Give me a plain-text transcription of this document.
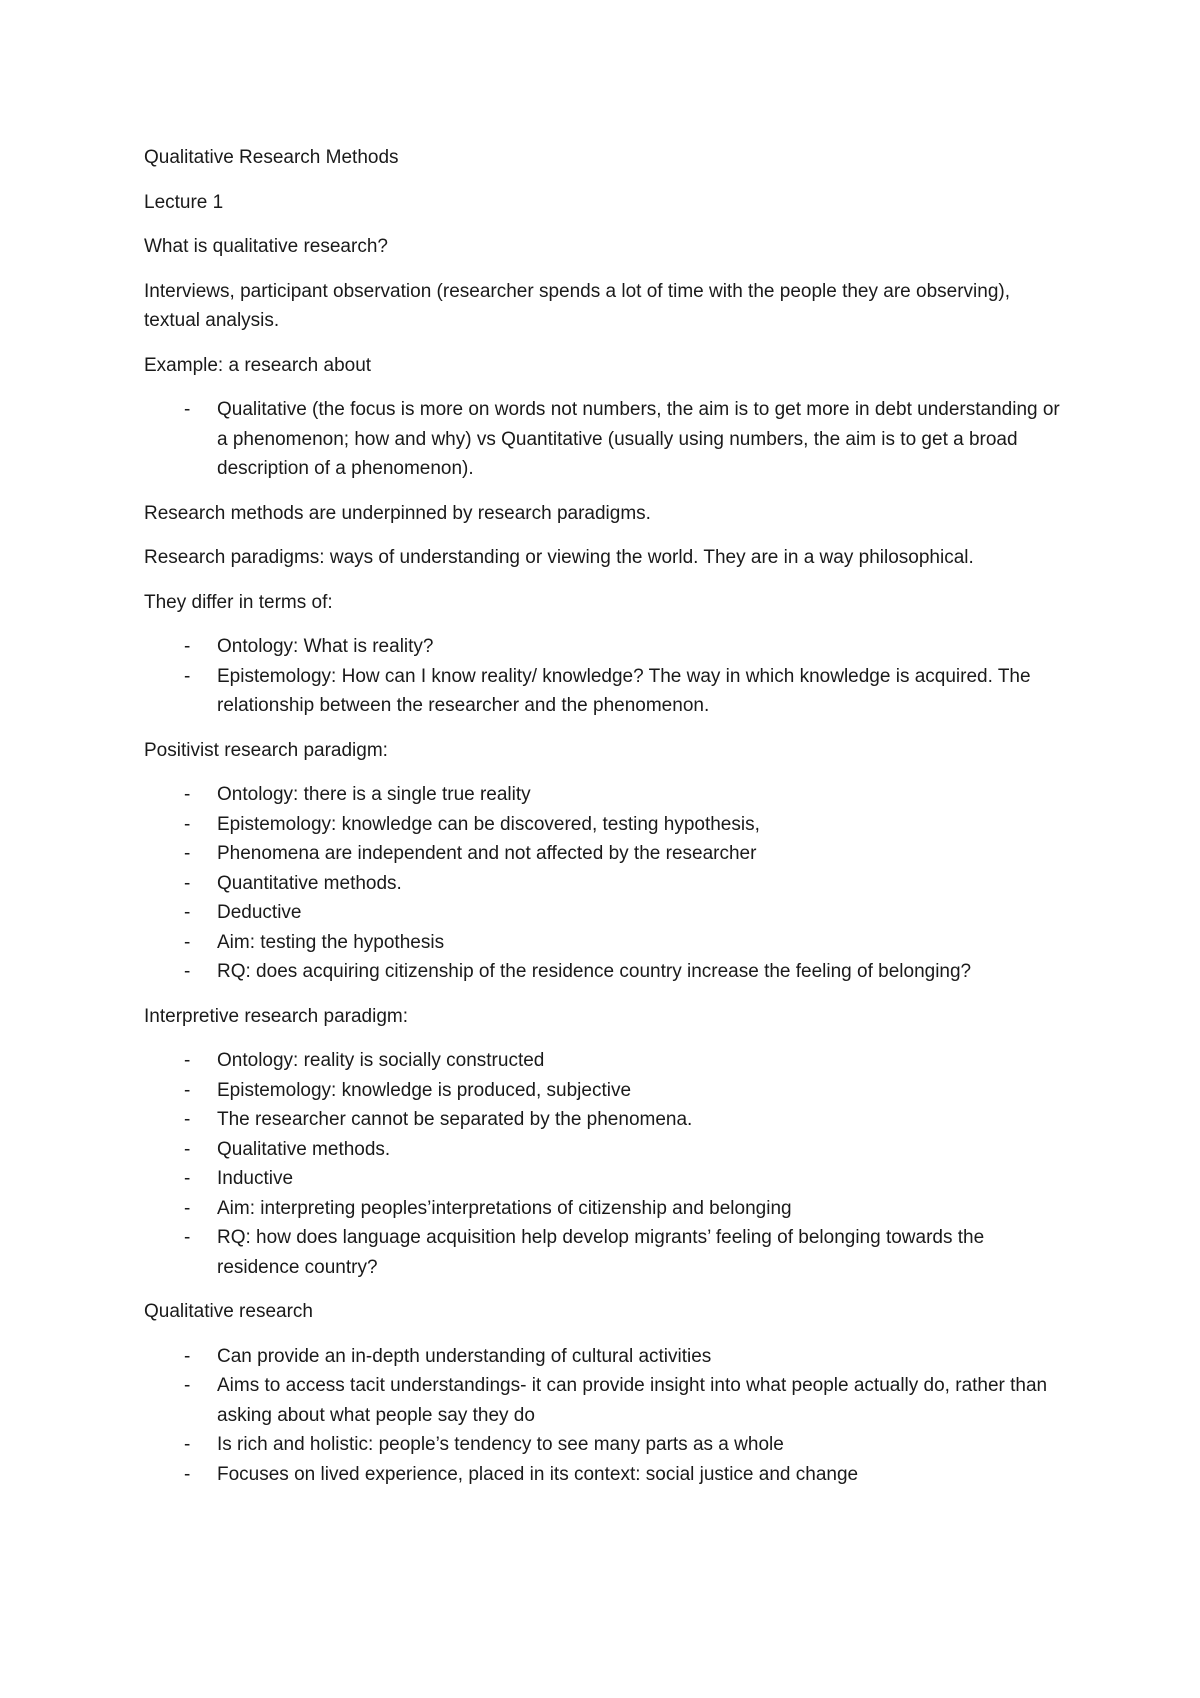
Qualitative Research Methods

Lecture 1

What is qualitative research?

Interviews, participant observation (researcher spends a lot of time with the people they are observing), textual analysis.

Example: a research about

- Qualitative (the focus is more on words not numbers, the aim is to get more in debt understanding or a phenomenon; how and why) vs Quantitative (usually using numbers, the aim is to get a broad description of a phenomenon).

Research methods are underpinned by research paradigms.

Research paradigms: ways of understanding or viewing the world. They are in a way philosophical.

They differ in terms of:

- Ontology: What is reality?
- Epistemology: How can I know reality/ knowledge? The way in which knowledge is acquired. The relationship between the researcher and the phenomenon.

Positivist research paradigm:

- Ontology: there is a single true reality
- Epistemology: knowledge can be discovered, testing hypothesis,
- Phenomena are independent and not affected by the researcher
- Quantitative methods.
- Deductive
- Aim: testing the hypothesis
- RQ: does acquiring citizenship of the residence country increase the feeling of belonging?

Interpretive research paradigm:

- Ontology: reality is socially constructed
- Epistemology: knowledge is produced, subjective
- The researcher cannot be separated by the phenomena.
- Qualitative methods.
- Inductive
- Aim: interpreting peoples’interpretations of citizenship and belonging
- RQ: how does language acquisition help develop migrants’ feeling of belonging towards the residence country?

Qualitative research

- Can provide an in-depth understanding of cultural activities
- Aims to access tacit understandings- it can provide insight into what people actually do, rather than asking about what people say they do
- Is rich and holistic: people’s tendency to see many parts as a whole
- Focuses on lived experience, placed in its context: social justice and change
